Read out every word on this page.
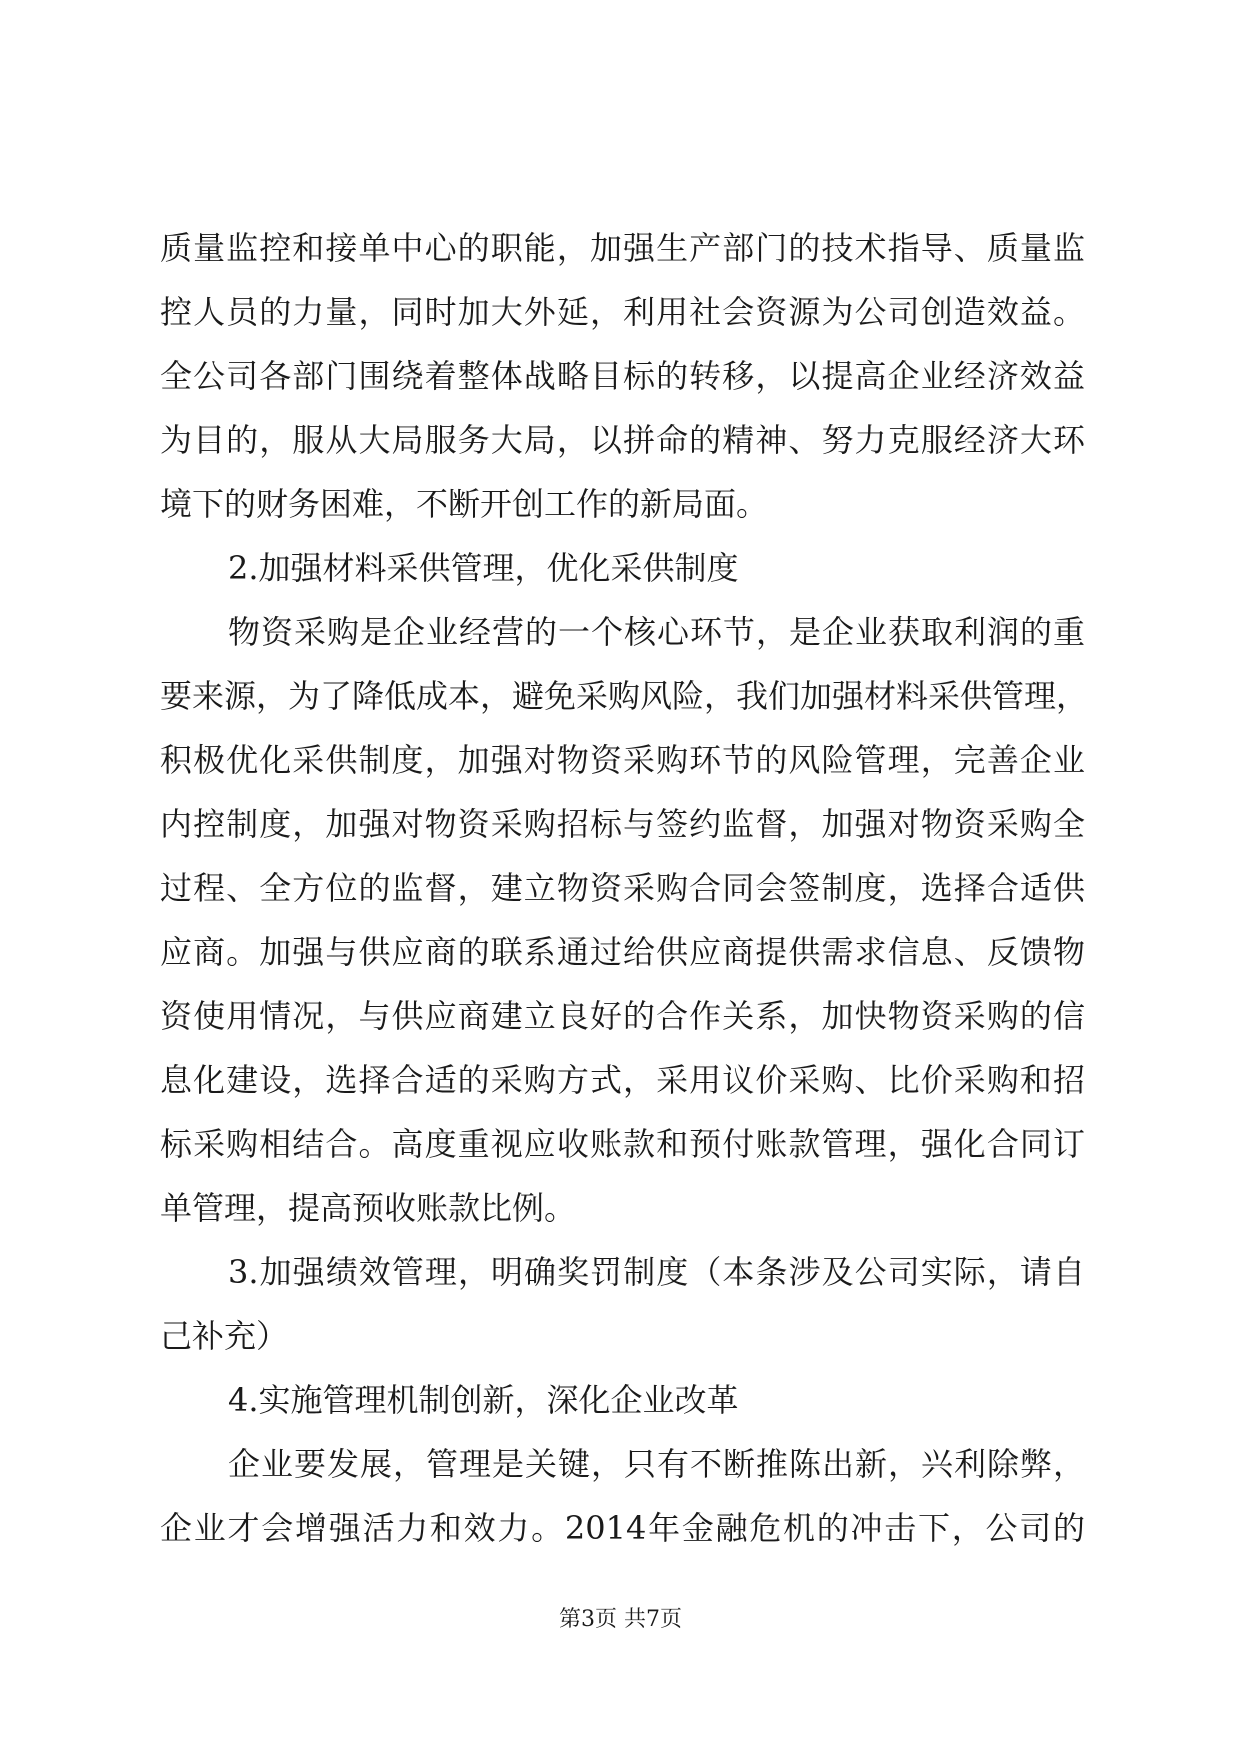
质量监控和接单中心的职能，加强生产部门的技术指导、质量监
控人员的力量，同时加大外延，利用社会资源为公司创造效益。
全公司各部门围绕着整体战略目标的转移，以提高企业经济效益
为目的，服从大局服务大局，以拼命的精神、努力克服经济大环
境下的财务困难，不断开创工作的新局面。
2.加强材料采供管理，优化采供制度
物资采购是企业经营的一个核心环节，是企业获取利润的重
要来源，为了降低成本，避免采购风险，我们加强材料采供管理，
积极优化采供制度，加强对物资采购环节的风险管理，完善企业
内控制度，加强对物资采购招标与签约监督，加强对物资采购全
过程、全方位的监督，建立物资采购合同会签制度，选择合适供
应商。加强与供应商的联系通过给供应商提供需求信息、反馈物
资使用情况，与供应商建立良好的合作关系，加快物资采购的信
息化建设，选择合适的采购方式，采用议价采购、比价采购和招
标采购相结合。高度重视应收账款和预付账款管理，强化合同订
单管理，提高预收账款比例。
3.加强绩效管理，明确奖罚制度（本条涉及公司实际，请自
己补充）
4.实施管理机制创新，深化企业改革
企业要发展，管理是关键，只有不断推陈出新，兴利除弊，
企业才会增强活力和效力。2014年金融危机的冲击下，公司的
第3页 共7页
